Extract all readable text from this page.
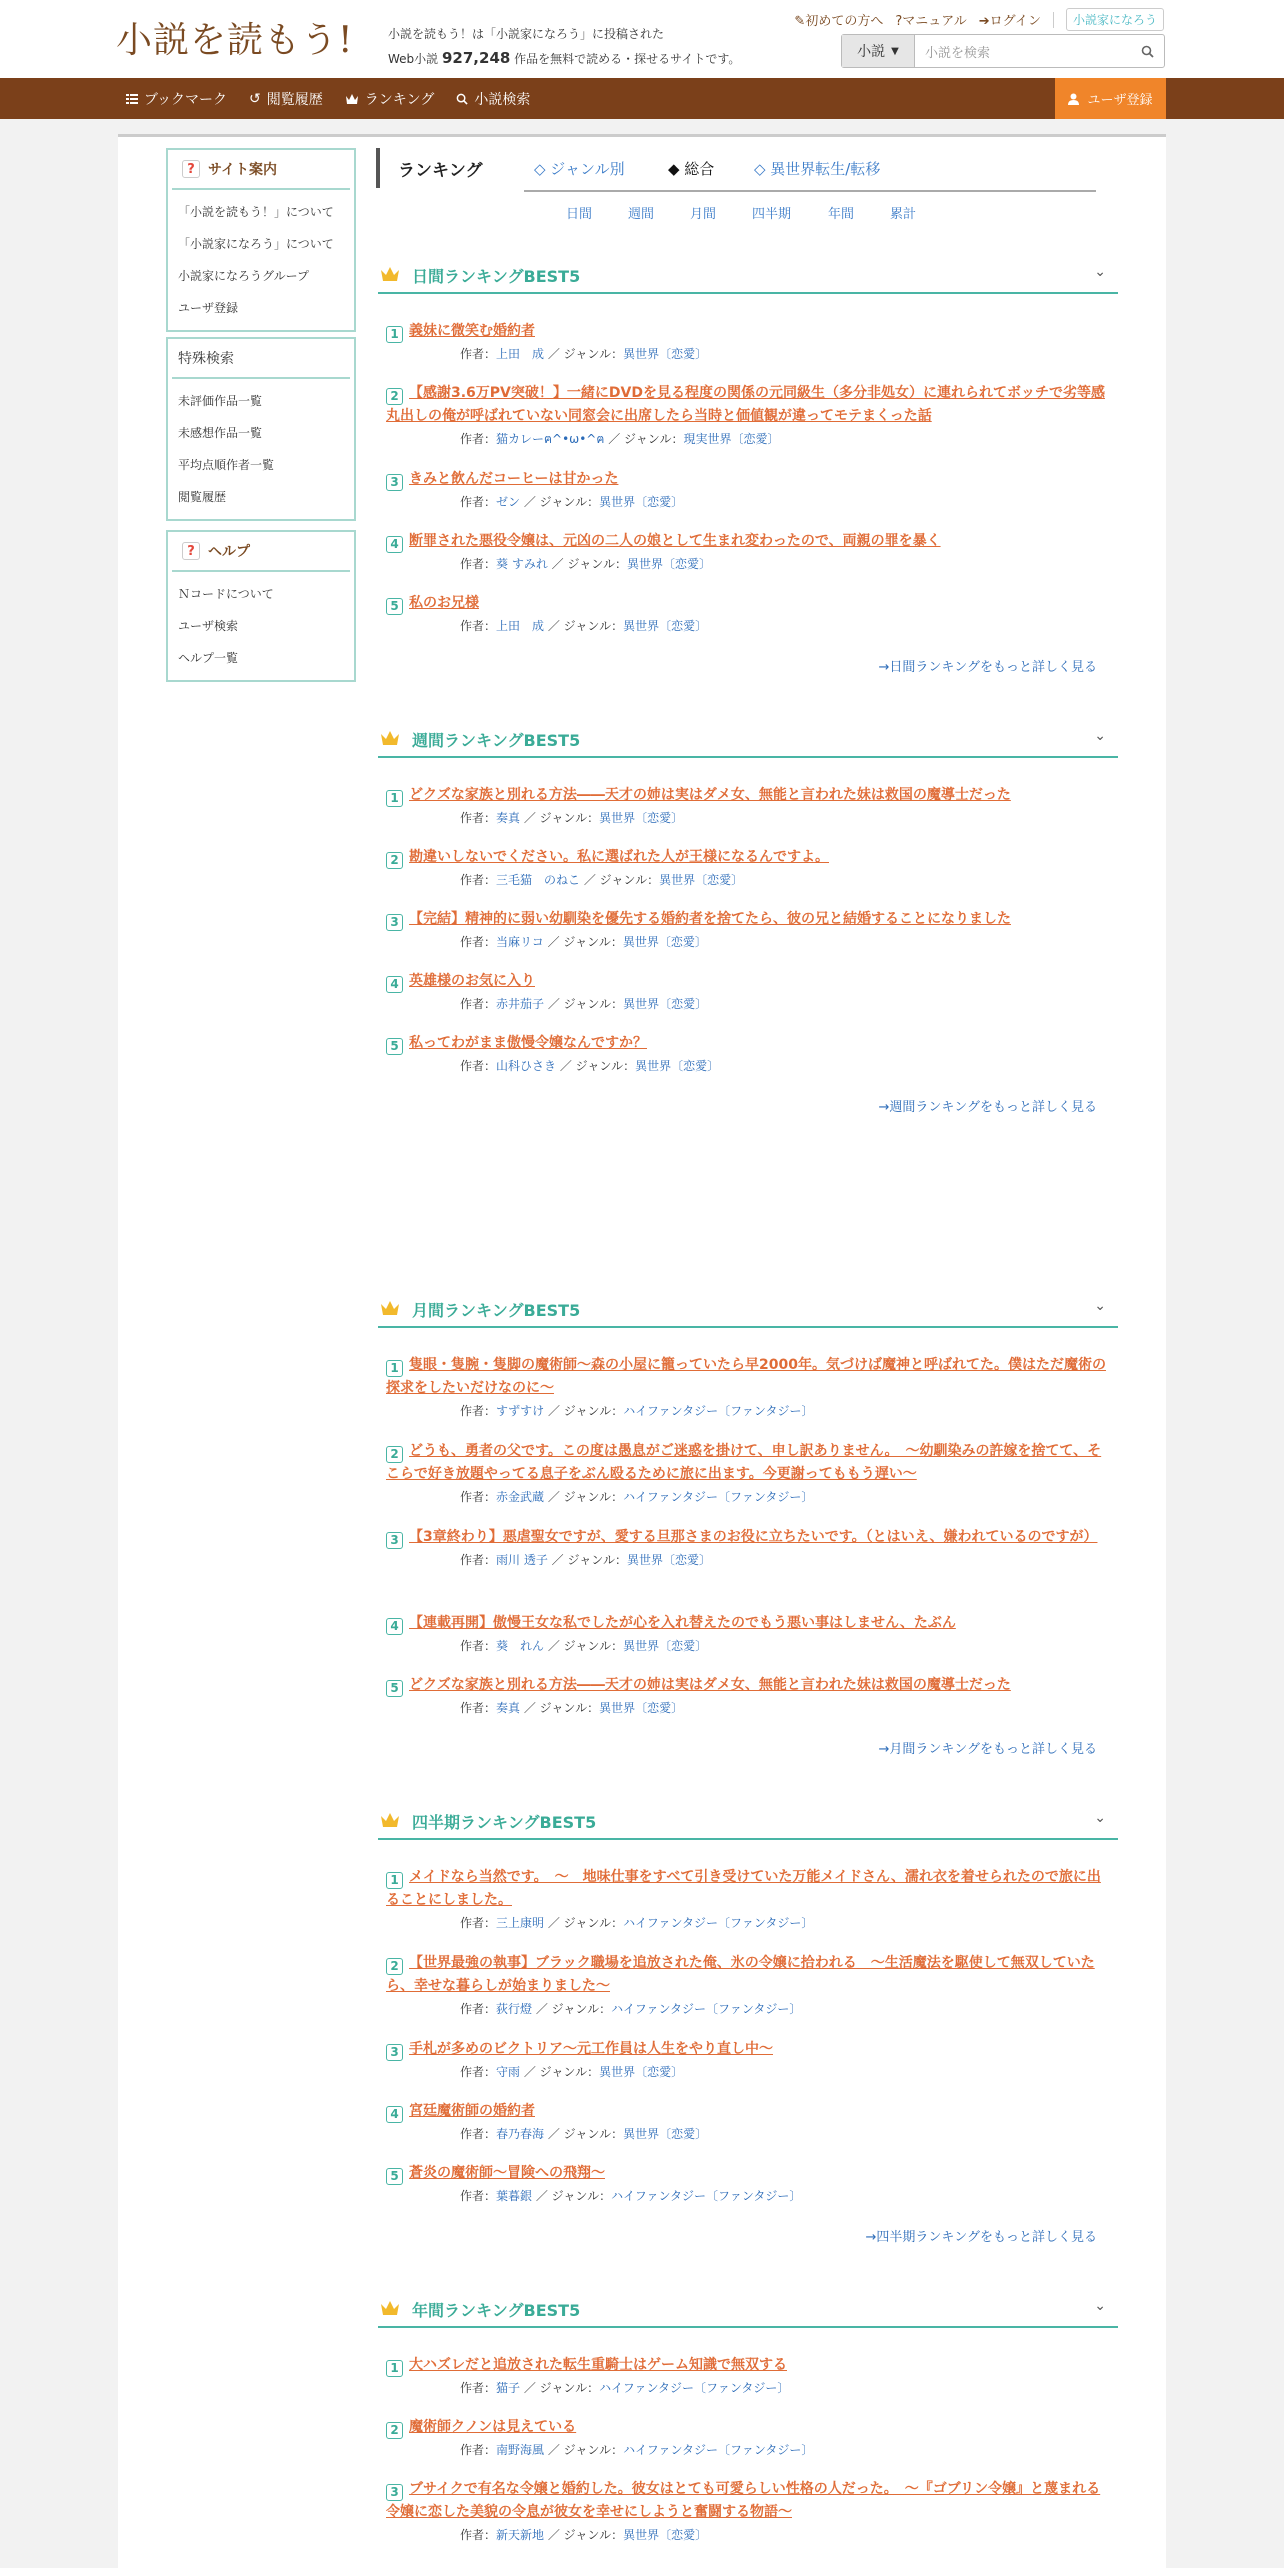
小説を読もう!	小説を読もう！は「小説家になろう」に投稿された
Web小説 927,248 作品を無料で読める・探せるサイトです。
✎初めての方へ ?マニュアル ➔ログイン	小説家になろう
小説 ▼	小説を検索
ブックマーク ↺ 閲覧履歴	ランキング	小説検索	ユーザ登録
? サイト案内
「小説を読もう！」について
「小説家になろう」について
小説家になろうグループ
ユーザ登録
特殊検索
未評価作品一覧
未感想作品一覧
平均点順作者一覧
閲覧履歴
? ヘルプ
Ｎコードについて
ユーザ検索
ヘルプ一覧
ランキング	◇ ジャンル別	◆ 総合	◇ 異世界転生/転移
日間	週間	月間	四半期	年間	累計
日間ランキングBEST5	⌄
1 義妹に微笑む婚約者
作者：上田　成 ／ ジャンル：異世界〔恋愛〕
2 【感謝3.6万PV突破！】一緒にDVDを見る程度の関係の元同級生（多分非処女）に連れられてボッチで劣等感丸出しの俺が呼ばれていない同窓会に出席したら当時と価値観が違ってモテまくった話
作者：猫カレーฅ^•ω•^ฅ ／ ジャンル：現実世界〔恋愛〕
3 きみと飲んだコーヒーは甘かった
作者：ゼン ／ ジャンル：異世界〔恋愛〕
4 断罪された悪役令嬢は、元凶の二人の娘として生まれ変わったので、両親の罪を暴く
作者：葵 すみれ ／ ジャンル：異世界〔恋愛〕
5 私のお兄様
作者：上田　成 ／ ジャンル：異世界〔恋愛〕
→日間ランキングをもっと詳しく見る
週間ランキングBEST5	⌄
1 どクズな家族と別れる方法――天才の姉は実はダメ女、無能と言われた妹は救国の魔導士だった
作者：奏真 ／ ジャンル：異世界〔恋愛〕
2 勘違いしないでください。私に選ばれた人が王様になるんですよ。
作者：三毛猫　のねこ ／ ジャンル：異世界〔恋愛〕
3 【完結】精神的に弱い幼馴染を優先する婚約者を捨てたら、彼の兄と結婚することになりました
作者：当麻リコ ／ ジャンル：異世界〔恋愛〕
4 英雄様のお気に入り
作者：赤井茄子 ／ ジャンル：異世界〔恋愛〕
5 私ってわがまま傲慢令嬢なんですか？
作者：山科ひさき ／ ジャンル：異世界〔恋愛〕
→週間ランキングをもっと詳しく見る
月間ランキングBEST5	⌄
1 隻眼・隻腕・隻脚の魔術師～森の小屋に籠っていたら早2000年。気づけば魔神と呼ばれてた。僕はただ魔術の探求をしたいだけなのに～
作者：すずすけ ／ ジャンル：ハイファンタジー〔ファンタジー〕
2 どうも、勇者の父です。この度は愚息がご迷惑を掛けて、申し訳ありません。　～幼馴染みの許嫁を捨てて、そこらで好き放題やってる息子をぶん殴るために旅に出ます。今更謝ってももう遅い～
作者：赤金武蔵 ／ ジャンル：ハイファンタジー〔ファンタジー〕
3 【3章終わり】悪虐聖女ですが、愛する旦那さまのお役に立ちたいです。（とはいえ、嫌われているのですが）
作者：雨川 透子 ／ ジャンル：異世界〔恋愛〕
4 【連載再開】傲慢王女な私でしたが心を入れ替えたのでもう悪い事はしません、たぶん
作者：葵　れん ／ ジャンル：異世界〔恋愛〕
5 どクズな家族と別れる方法――天才の姉は実はダメ女、無能と言われた妹は救国の魔導士だった
作者：奏真 ／ ジャンル：異世界〔恋愛〕
→月間ランキングをもっと詳しく見る
四半期ランキングBEST5	⌄
1 メイドなら当然です。　～　地味仕事をすべて引き受けていた万能メイドさん、濡れ衣を着せられたので旅に出ることにしました。
作者：三上康明 ／ ジャンル：ハイファンタジー〔ファンタジー〕
2 【世界最強の執事】ブラック職場を追放された俺、氷の令嬢に拾われる　～生活魔法を駆使して無双していたら、幸せな暮らしが始まりました～
作者：荻行燈 ／ ジャンル：ハイファンタジー〔ファンタジー〕
3 手札が多めのビクトリア〜元工作員は人生をやり直し中〜
作者：守雨 ／ ジャンル：異世界〔恋愛〕
4 宮廷魔術師の婚約者
作者：春乃春海 ／ ジャンル：異世界〔恋愛〕
5 蒼炎の魔術師〜冒険への飛翔〜
作者：葉暮銀 ／ ジャンル：ハイファンタジー〔ファンタジー〕
→四半期ランキングをもっと詳しく見る
年間ランキングBEST5	⌄
1 大ハズレだと追放された転生重騎士はゲーム知識で無双する
作者：猫子 ／ ジャンル：ハイファンタジー〔ファンタジー〕
2 魔術師クノンは見えている
作者：南野海風 ／ ジャンル：ハイファンタジー〔ファンタジー〕
3 ブサイクで有名な令嬢と婚約した。彼女はとても可愛らしい性格の人だった。　～『ゴブリン令嬢』と蔑まれる令嬢に恋した美貌の令息が彼女を幸せにしようと奮闘する物語～
作者：新天新地 ／ ジャンル：異世界〔恋愛〕
